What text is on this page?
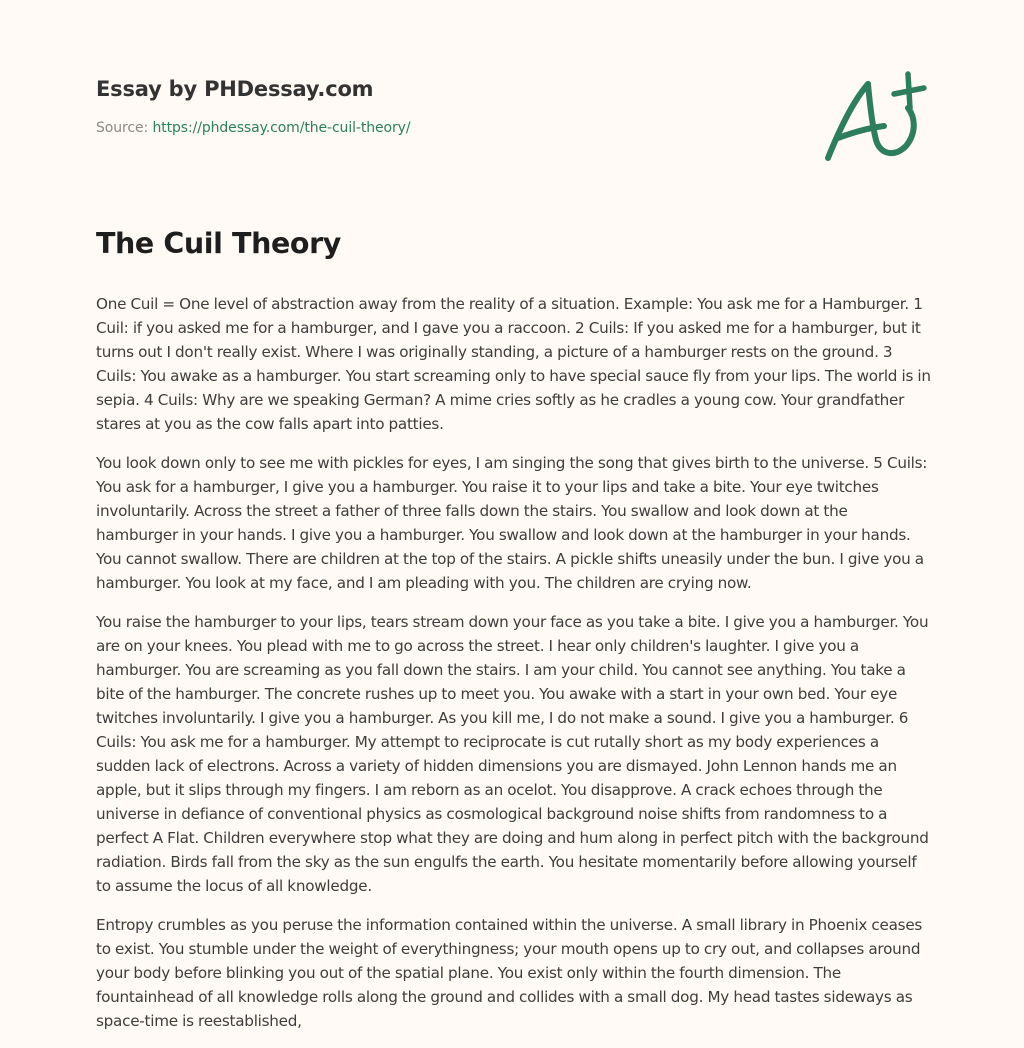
Essay by PHDessay.com
Source: https://phdessay.com/the-cuil-theory/
The Cuil Theory

One Cuil = One level of abstraction away from the reality of a situation. Example: You ask me for a Hamburger. 1 Cuil: if you asked me for a hamburger, and I gave you a raccoon. 2 Cuils: If you asked me for a hamburger, but it turns out I don't really exist. Where I was originally standing, a picture of a hamburger rests on the ground. 3 Cuils: You awake as a hamburger. You start screaming only to have special sauce fly from your lips. The world is in sepia. 4 Cuils: Why are we speaking German? A mime cries softly as he cradles a young cow. Your grandfather stares at you as the cow falls apart into patties.

You look down only to see me with pickles for eyes, I am singing the song that gives birth to the universe. 5 Cuils: You ask for a hamburger, I give you a hamburger. You raise it to your lips and take a bite. Your eye twitches involuntarily. Across the street a father of three falls down the stairs. You swallow and look down at the hamburger in your hands. I give you a hamburger. You swallow and look down at the hamburger in your hands. You cannot swallow. There are children at the top of the stairs. A pickle shifts uneasily under the bun. I give you a hamburger. You look at my face, and I am pleading with you. The children are crying now.

You raise the hamburger to your lips, tears stream down your face as you take a bite. I give you a hamburger. You are on your knees. You plead with me to go across the street. I hear only children's laughter. I give you a hamburger. You are screaming as you fall down the stairs. I am your child. You cannot see anything. You take a bite of the hamburger. The concrete rushes up to meet you. You awake with a start in your own bed. Your eye twitches involuntarily. I give you a hamburger. As you kill me, I do not make a sound. I give you a hamburger. 6 Cuils: You ask me for a hamburger. My attempt to reciprocate is cut rutally short as my body experiences a sudden lack of electrons. Across a variety of hidden dimensions you are dismayed. John Lennon hands me an apple, but it slips through my fingers. I am reborn as an ocelot. You disapprove. A crack echoes through the universe in defiance of conventional physics as cosmological background noise shifts from randomness to a perfect A Flat. Children everywhere stop what they are doing and hum along in perfect pitch with the background radiation. Birds fall from the sky as the sun engulfs the earth. You hesitate momentarily before allowing yourself to assume the locus of all knowledge.

Entropy crumbles as you peruse the information contained within the universe. A small library in Phoenix ceases to exist. You stumble under the weight of everythingness; your mouth opens up to cry out, and collapses around your body before blinking you out of the spatial plane. You exist only within the fourth dimension. The fountainhead of all knowledge rolls along the ground and collides with a small dog. My head tastes sideways as space-time is reestablished,
